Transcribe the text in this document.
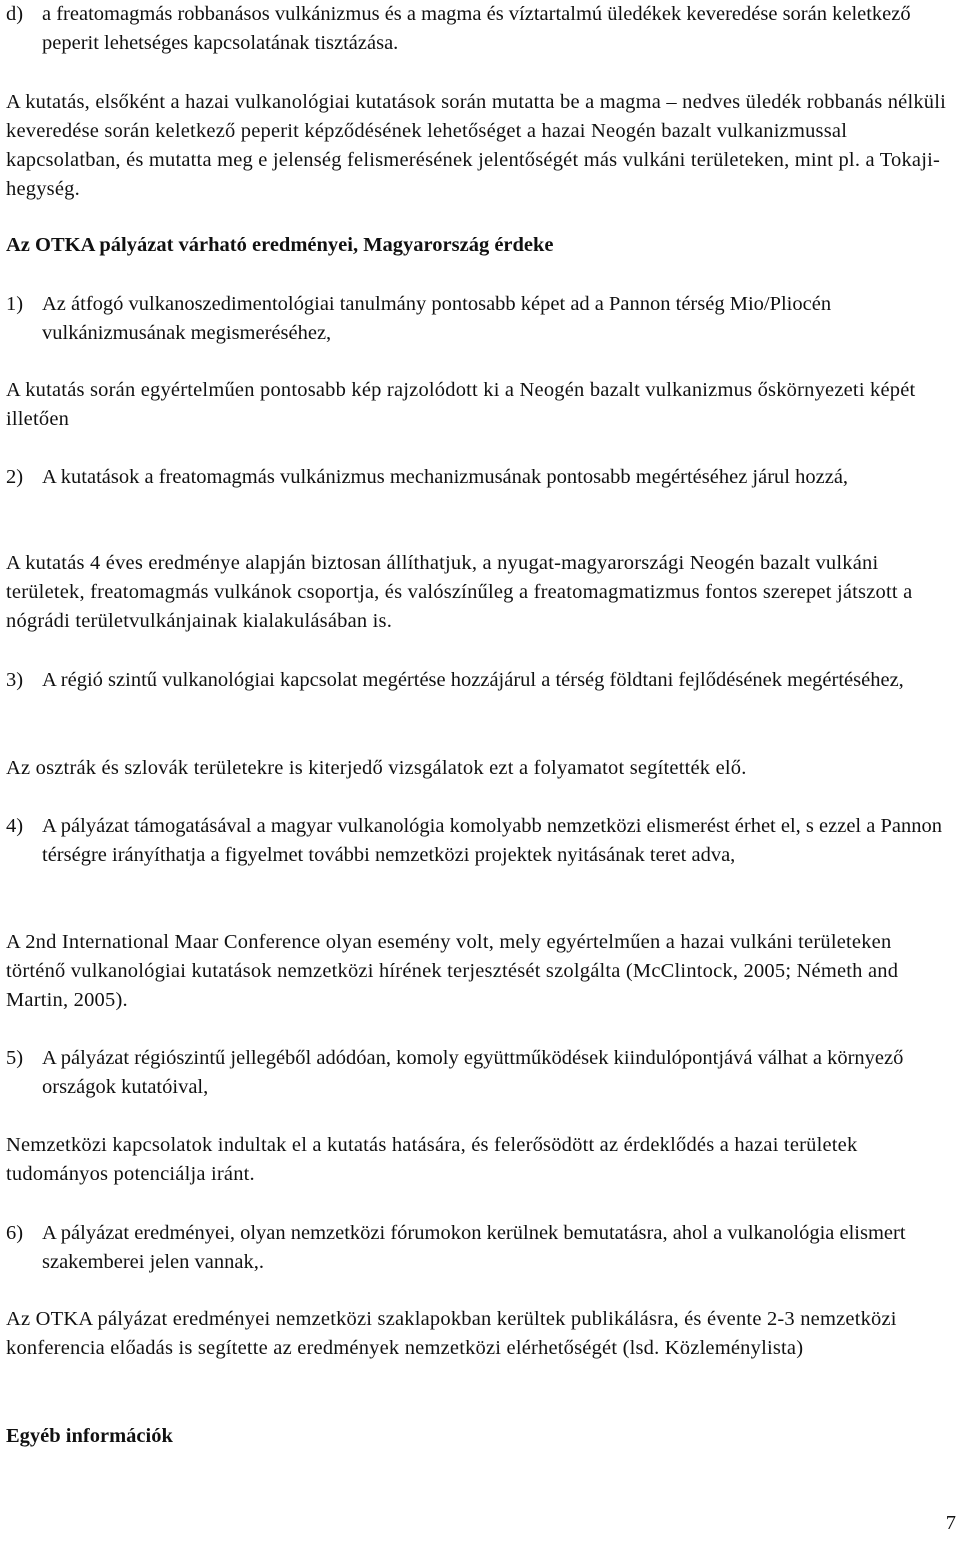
d) a freatomagmás robbanásos vulkánizmus és a magma és víztartalmú üledékek keveredése során keletkező peperit lehetséges kapcsolatának tisztázása.

A kutatás, elsőként a hazai vulkanológiai kutatások során mutatta be a magma – nedves üledék robbanás nélküli keveredése során keletkező peperit képződésének lehetőséget a hazai Neogén bazalt vulkanizmussal kapcsolatban, és mutatta meg e jelenség felismerésének jelentőségét más vulkáni területeken, mint pl. a Tokaji-hegység.

Az OTKA pályázat várható eredményei, Magyarország érdeke

1) Az átfogó vulkanoszedimentológiai tanulmány pontosabb képet ad a Pannon térség Mio/Pliocén vulkánizmusának megismeréséhez,

A kutatás során egyértelműen pontosabb kép rajzolódott ki a Neogén bazalt vulkanizmus őskörnyezeti képét illetően

2) A kutatások a freatomagmás vulkánizmus mechanizmusának pontosabb megértéséhez járul hozzá,

A kutatás 4 éves eredménye alapján biztosan állíthatjuk, a nyugat-magyarországi Neogén bazalt vulkáni területek, freatomagmás vulkánok csoportja, és valószínűleg a freatomagmatizmus fontos szerepet játszott a nógrádi területvulkánjainak kialakulásában is.

3) A régió szintű vulkanológiai kapcsolat megértése hozzájárul a térség földtani fejlődésének megértéséhez,

Az osztrák és szlovák területekre is kiterjedő vizsgálatok ezt a folyamatot segítették elő.

4) A pályázat támogatásával a magyar vulkanológia komolyabb nemzetközi elismerést érhet el, s ezzel a Pannon térségre irányíthatja a figyelmet további nemzetközi projektek nyitásának teret adva,

A 2nd International Maar Conference olyan esemény volt, mely egyértelműen a hazai vulkáni területeken történő vulkanológiai kutatások nemzetközi hírének terjesztését szolgálta (McClintock, 2005; Németh and Martin, 2005).

5) A pályázat régiószintű jellegéből adódóan, komoly együttműködések kiindulópontjává válhat a környező országok kutatóival,

Nemzetközi kapcsolatok indultak el a kutatás hatására, és felerősödött az érdeklődés a hazai területek tudományos potenciálja iránt.

6) A pályázat eredményei, olyan nemzetközi fórumokon kerülnek bemutatásra, ahol a vulkanológia elismert szakemberei jelen vannak,.

Az OTKA pályázat eredményei nemzetközi szaklapokban kerültek publikálásra, és évente 2-3 nemzetközi konferencia előadás is segítette az eredmények nemzetközi elérhetőségét (lsd. Közleménylista)

Egyéb információk

7
